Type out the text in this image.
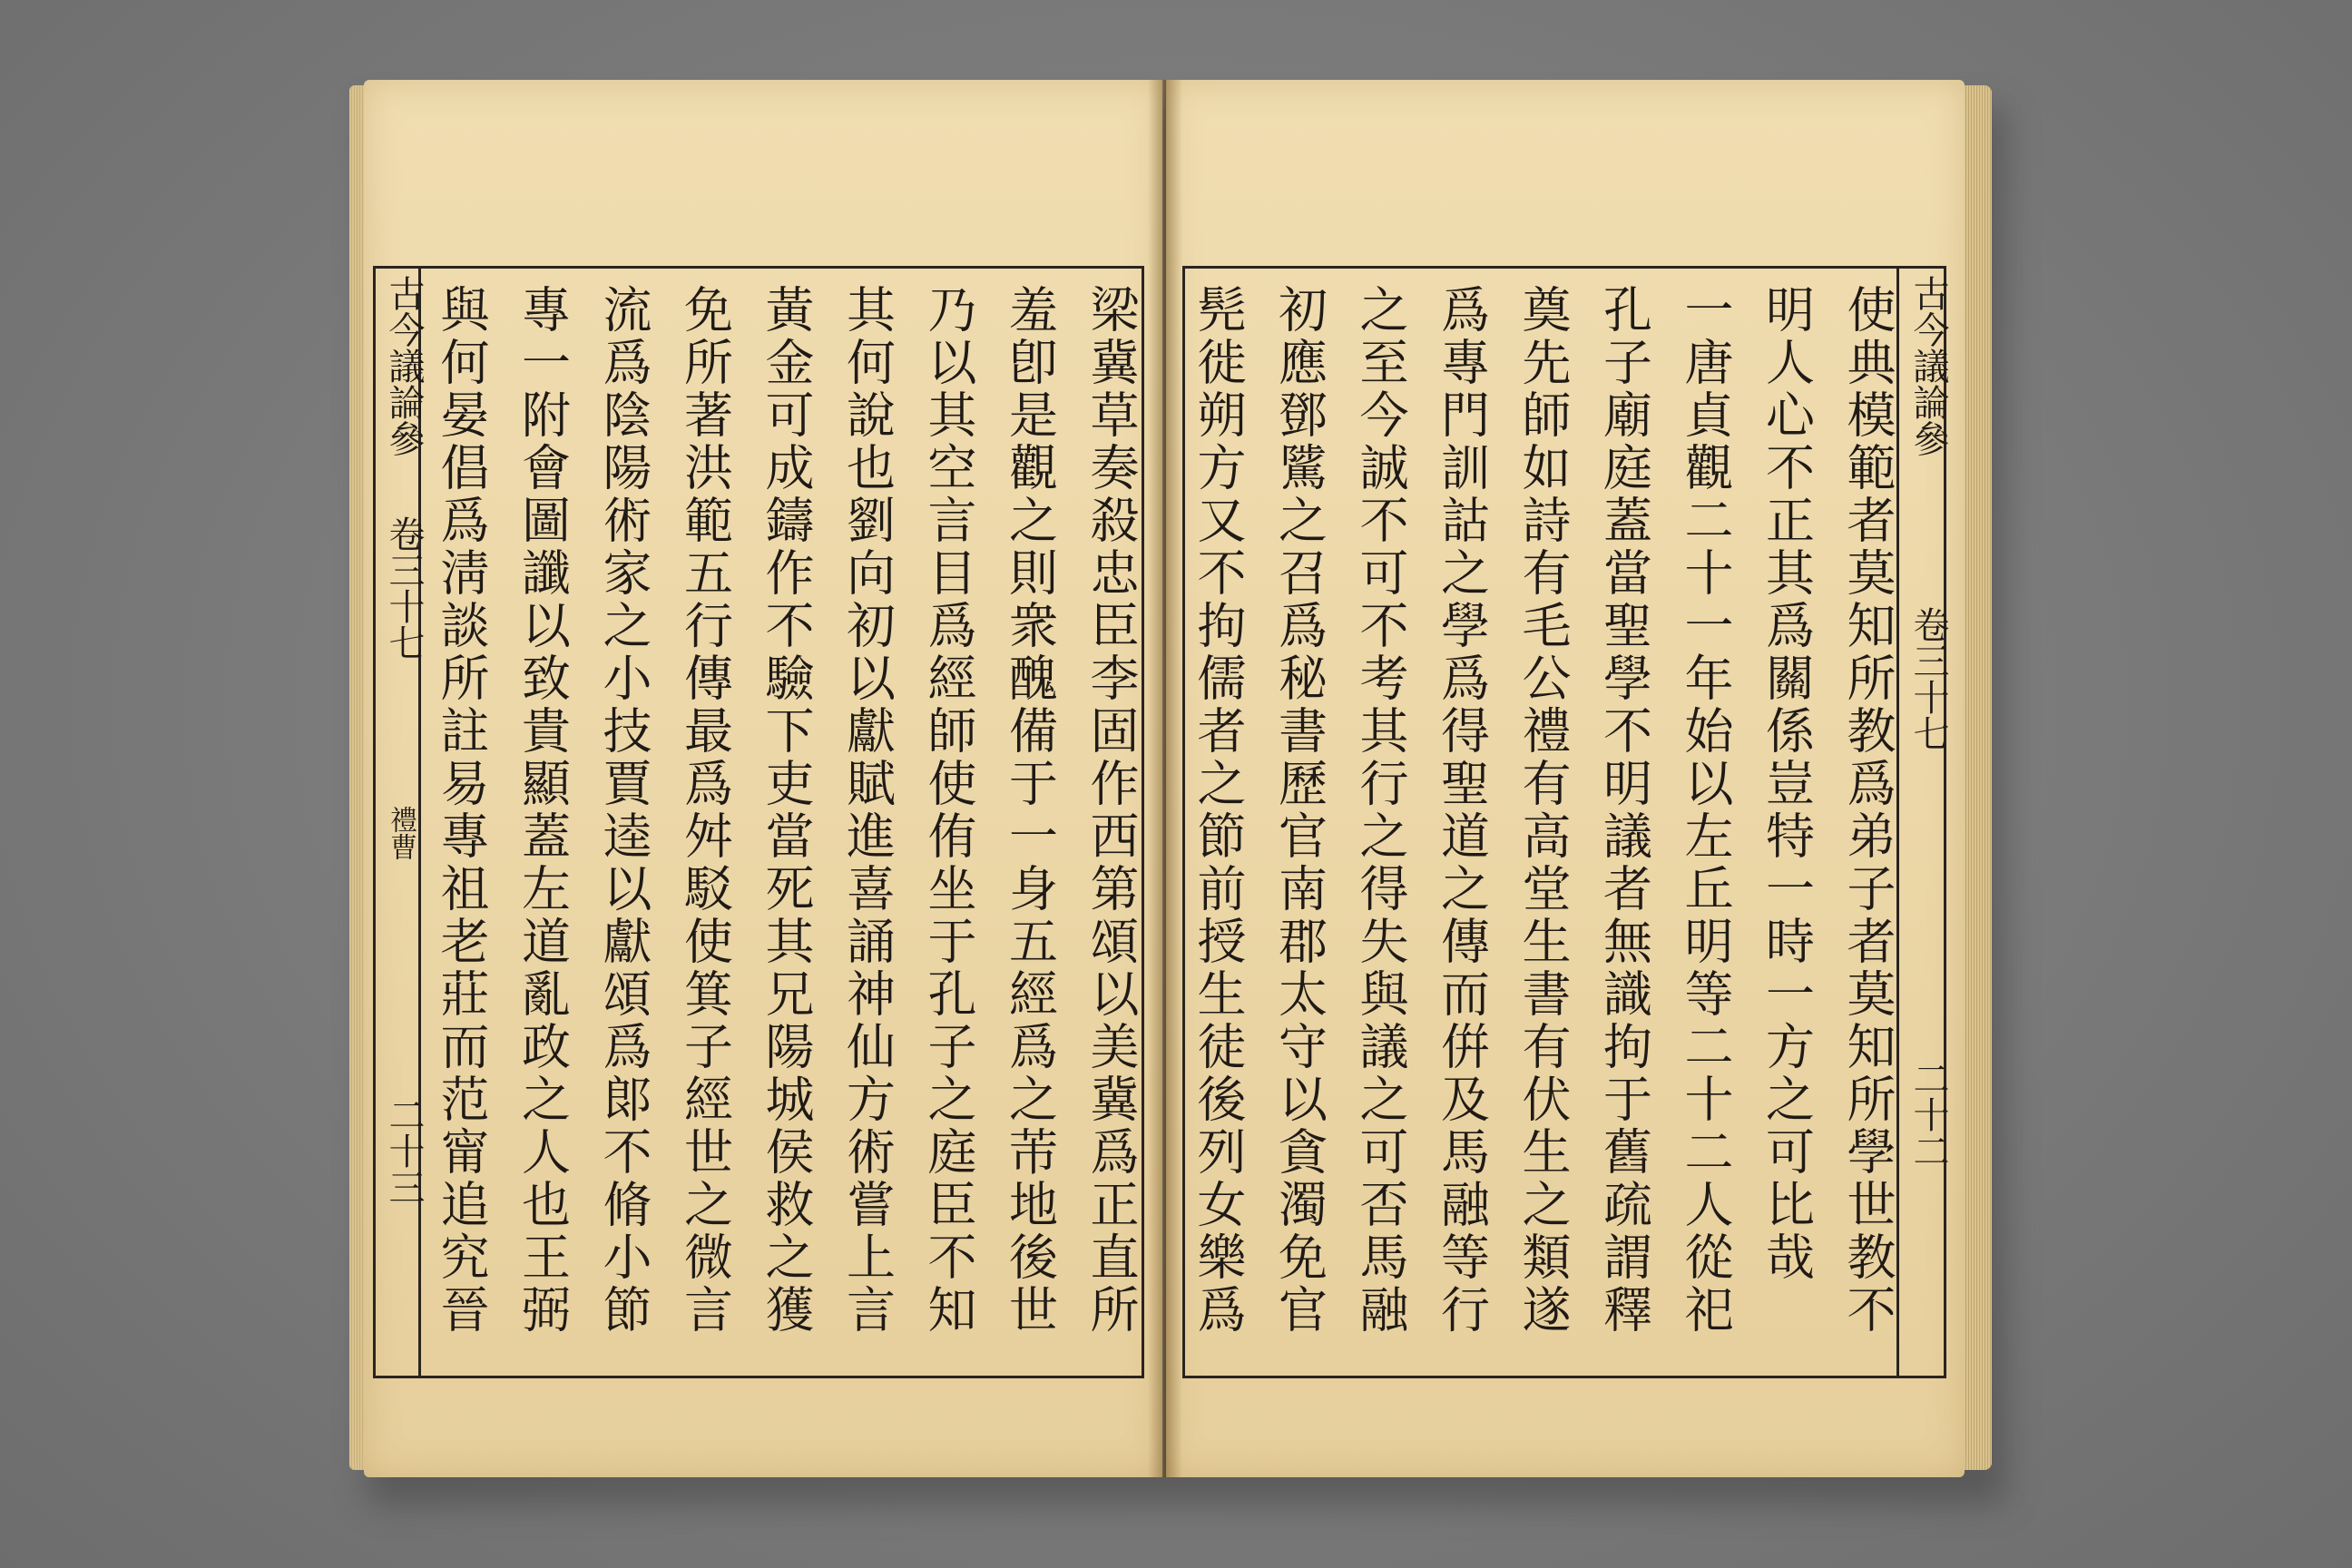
古今議論參
卷三十七
禮曹
二十三	梁冀草奏殺忠臣李固作西第頌以美冀爲正直所
羞卽是觀之則衆醜備于一身五經爲之芾地後世
乃以其空言目爲經師使侑坐于孔子之庭臣不知
其何說也劉向初以獻賦進喜誦神仙方術嘗上言
黃金可成鑄作不驗下吏當死其兄陽城侯救之獲
免所著洪範五行傳最爲舛駁使箕子經世之微言
流爲陰陽術家之小技賈逵以獻頌爲郞不脩小節
專一附會圖讖以致貴顯蓋左道亂政之人也王弼
與何晏倡爲淸談所註易專祖老莊而范甯追究晉	古今議論參
卷三十七
二十二
使典模範者莫知所教爲弟子者莫知所學世教不
明人心不正其爲關係豈特一時一方之可比哉
一唐貞觀二十一年始以左丘明等二十二人從祀
孔子廟庭蓋當聖學不明議者無識拘于舊疏謂釋
奠先師如詩有毛公禮有高堂生書有伏生之類遂
爲專門訓詁之學爲得聖道之傳而倂及馬融等行
之至今誠不可不考其行之得失與議之可否馬融
初應鄧騭之召爲秘書歷官南郡太守以貪濁免官
髡徙朔方又不拘儒者之節前授生徒後列女樂爲
